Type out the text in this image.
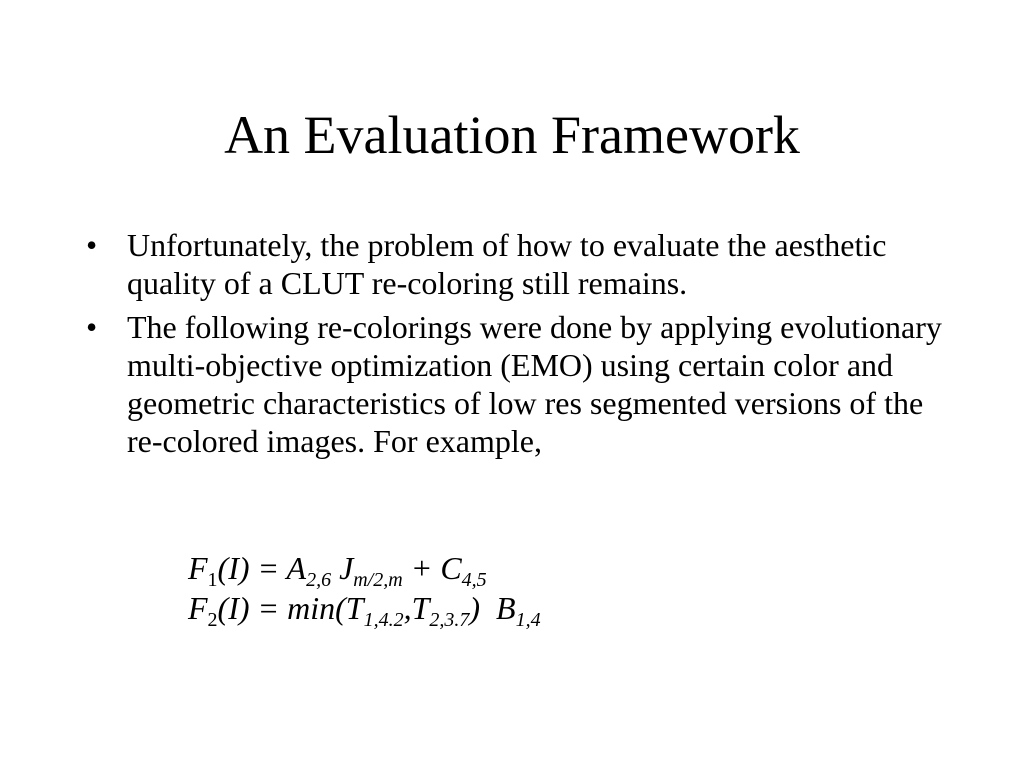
An Evaluation Framework
• Unfortunately, the problem of how to evaluate the aesthetic quality of a CLUT re-coloring still remains.
• The following re-colorings were done by applying evolutionary multi-objective optimization (EMO) using certain color and geometric characteristics of low res segmented versions of the re-colored images. For example,
$F_1(I) = A_{2,6}$ $J_{m/2,m} + C_{4,5}$
$F_2(I) = \min(T_{1,4.2},T_{2,3.7})$  $B_{1,4}$
